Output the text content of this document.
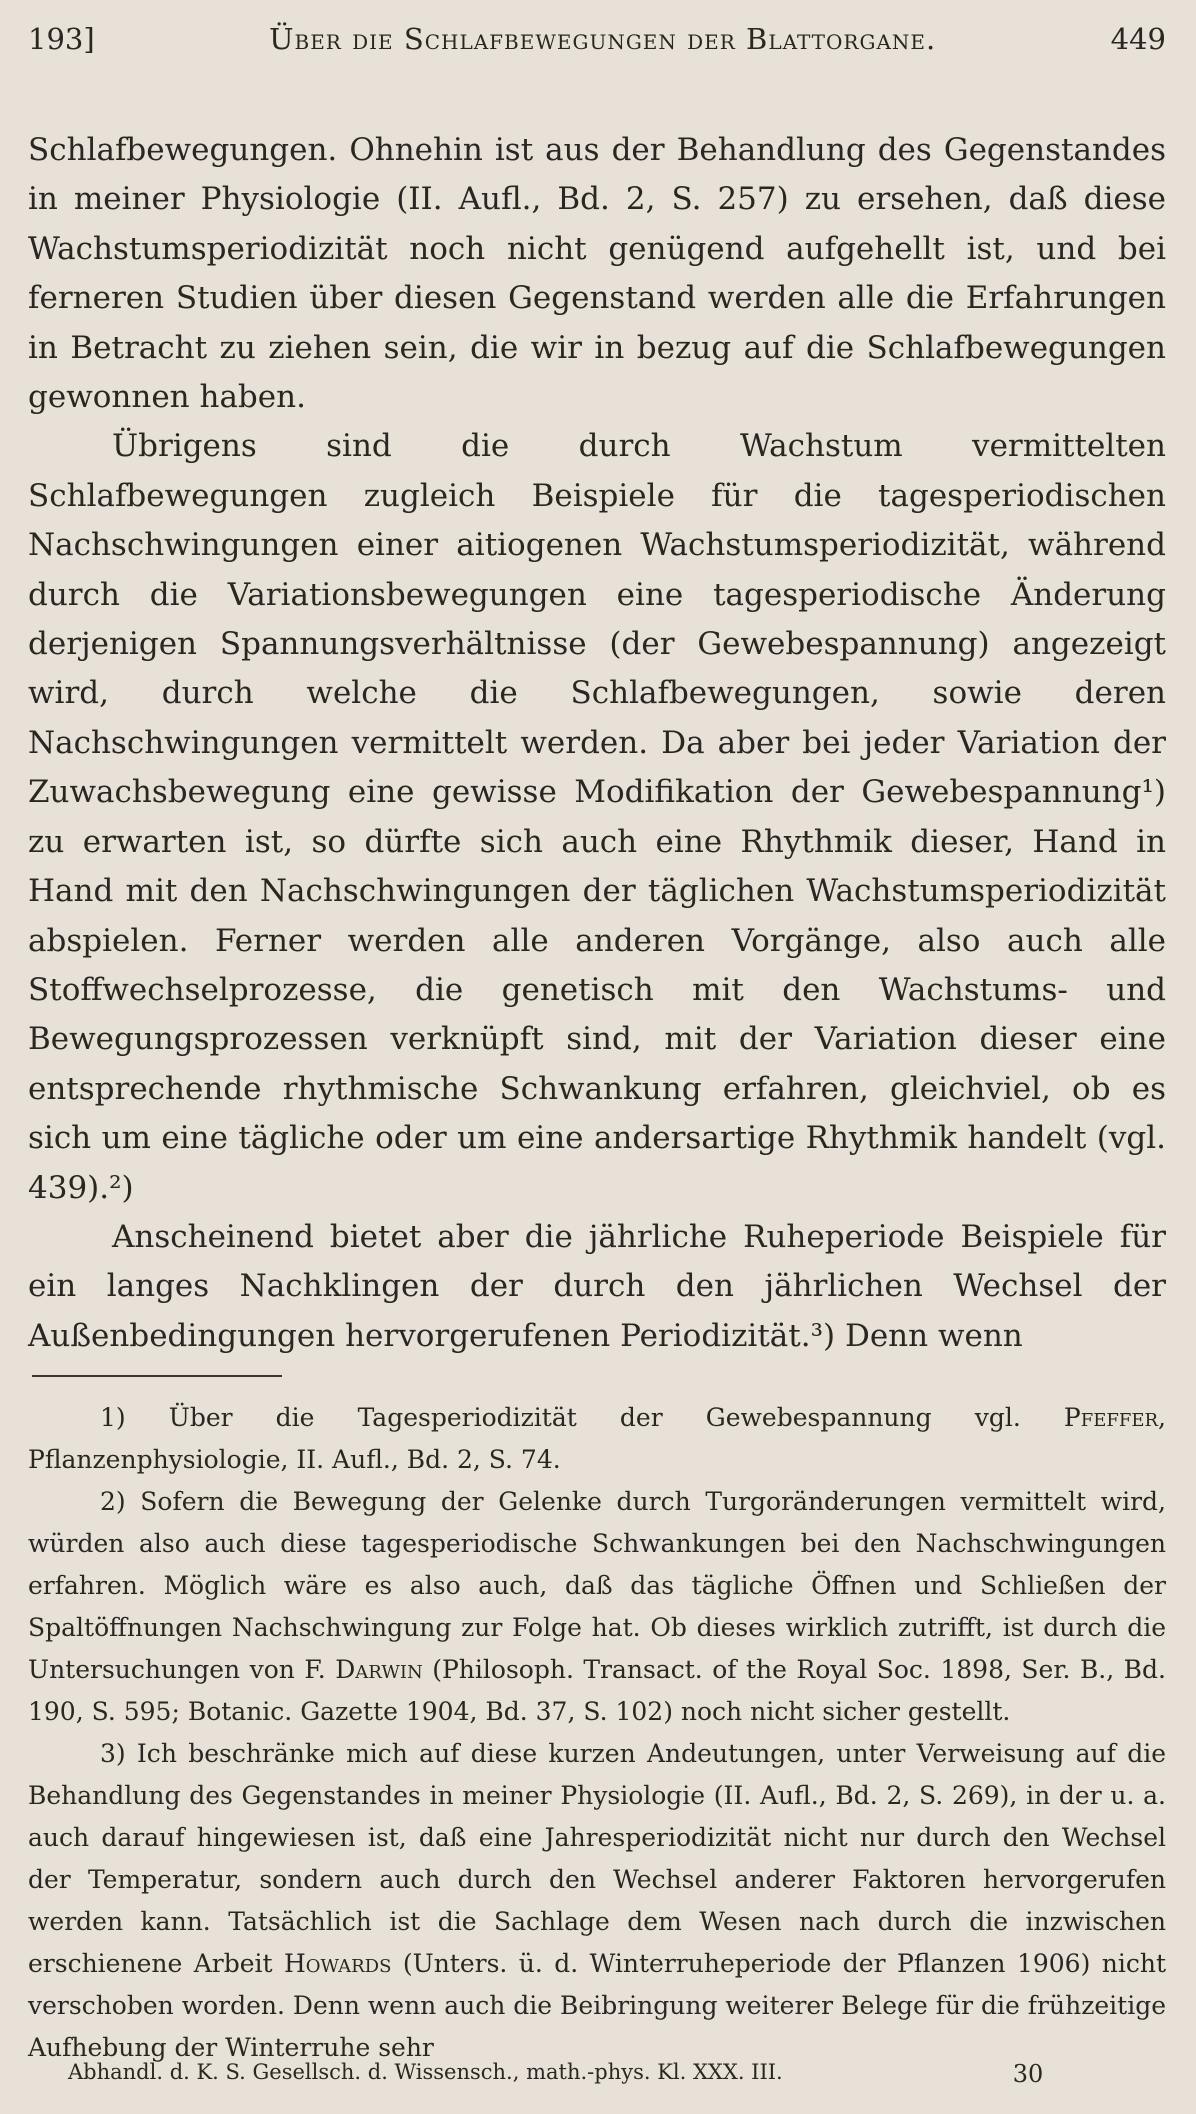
193]	Über die Schlafbewegungen der Blattorgane.	449

Schlafbewegungen. Ohnehin ist aus der Behandlung des Gegenstandes in meiner Physiologie (II. Aufl., Bd. 2, S. 257) zu ersehen, daß diese Wachstumsperiodizität noch nicht genügend aufgehellt ist, und bei ferneren Studien über diesen Gegenstand werden alle die Erfahrungen in Betracht zu ziehen sein, die wir in bezug auf die Schlafbewegungen gewonnen haben.

Übrigens sind die durch Wachstum vermittelten Schlafbewegungen zugleich Beispiele für die tagesperiodischen Nachschwingungen einer aitiogenen Wachstumsperiodizität, während durch die Variationsbewegungen eine tagesperiodische Änderung derjenigen Spannungsverhältnisse (der Gewebespannung) angezeigt wird, durch welche die Schlafbewegungen, sowie deren Nachschwingungen vermittelt werden. Da aber bei jeder Variation der Zuwachsbewegung eine gewisse Modifikation der Gewebespannung¹) zu erwarten ist, so dürfte sich auch eine Rhythmik dieser, Hand in Hand mit den Nachschwingungen der täglichen Wachstumsperiodizität abspielen. Ferner werden alle anderen Vorgänge, also auch alle Stoffwechselprozesse, die genetisch mit den Wachstums- und Bewegungsprozessen verknüpft sind, mit der Variation dieser eine entsprechende rhythmische Schwankung erfahren, gleichviel, ob es sich um eine tägliche oder um eine andersartige Rhythmik handelt (vgl. 439).²)

Anscheinend bietet aber die jährliche Ruheperiode Beispiele für ein langes Nachklingen der durch den jährlichen Wechsel der Außenbedingungen hervorgerufenen Periodizität.³) Denn wenn

1) Über die Tagesperiodizität der Gewebespannung vgl. Pfeffer, Pflanzenphysiologie, II. Aufl., Bd. 2, S. 74.

2) Sofern die Bewegung der Gelenke durch Turgoränderungen vermittelt wird, würden also auch diese tagesperiodische Schwankungen bei den Nachschwingungen erfahren. Möglich wäre es also auch, daß das tägliche Öffnen und Schließen der Spaltöffnungen Nachschwingung zur Folge hat. Ob dieses wirklich zutrifft, ist durch die Untersuchungen von F. Darwin (Philosoph. Transact. of the Royal Soc. 1898, Ser. B., Bd. 190, S. 595; Botanic. Gazette 1904, Bd. 37, S. 102) noch nicht sicher gestellt.

3) Ich beschränke mich auf diese kurzen Andeutungen, unter Verweisung auf die Behandlung des Gegenstandes in meiner Physiologie (II. Aufl., Bd. 2, S. 269), in der u. a. auch darauf hingewiesen ist, daß eine Jahresperiodizität nicht nur durch den Wechsel der Temperatur, sondern auch durch den Wechsel anderer Faktoren hervorgerufen werden kann. Tatsächlich ist die Sachlage dem Wesen nach durch die inzwischen erschienene Arbeit Howards (Unters. ü. d. Winterruheperiode der Pflanzen 1906) nicht verschoben worden. Denn wenn auch die Beibringung weiterer Belege für die frühzeitige Aufhebung der Winterruhe sehr

Abhandl. d. K. S. Gesellsch. d. Wissensch., math.-phys. Kl. XXX. III.	30
